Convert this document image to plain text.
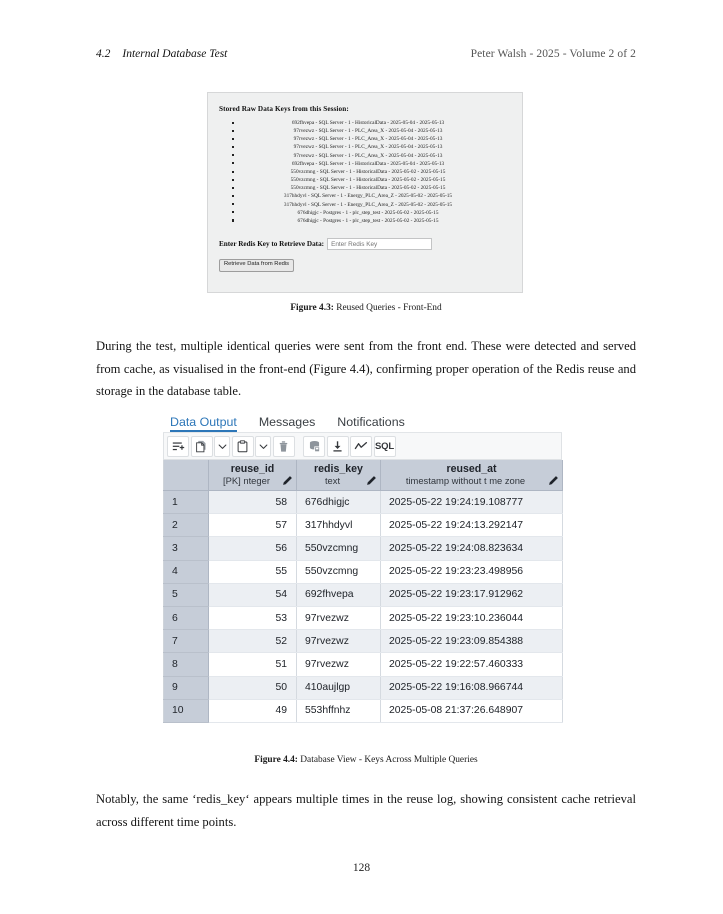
4.2 Internal Database Test	Peter Walsh - 2025 - Volume 2 of 2
Stored Raw Data Keys from this Session:
692fhvepa - SQL Server - 1 - HistoricalData - 2025-05-04 - 2025-05-13
97rvezwz - SQL Server - 1 - PLC_Area_X - 2025-05-04 - 2025-05-13
97rvezwz - SQL Server - 1 - PLC_Area_X - 2025-05-04 - 2025-05-13
97rvezwz - SQL Server - 1 - PLC_Area_X - 2025-05-04 - 2025-05-13
97rvezwz - SQL Server - 1 - PLC_Area_X - 2025-05-04 - 2025-05-13
692fhvepa - SQL Server - 1 - HistoricalData - 2025-05-04 - 2025-05-13
550vzcmng - SQL Server - 1 - HistoricalData - 2025-05-02 - 2025-05-15
550vzcmng - SQL Server - 1 - HistoricalData - 2025-05-02 - 2025-05-15
550vzcmng - SQL Server - 1 - HistoricalData - 2025-05-02 - 2025-05-15
317hhdyvl - SQL Server - 1 - Energy_PLC_Area_Z - 2025-05-02 - 2025-05-15
317hhdyvl - SQL Server - 1 - Energy_PLC_Area_Z - 2025-05-02 - 2025-05-15
676dhigjc - Postgres - 1 - plc_step_test - 2025-05-02 - 2025-05-15
676dhigjc - Postgres - 1 - plc_step_test - 2025-05-02 - 2025-05-15
Enter Redis Key to Retrieve Data:
Enter Redis Key
Retrieve Data from Redis
Figure 4.3: Reused Queries - Front-End
During the test, multiple identical queries were sent from the front end. These were detected and served from cache, as visualised in the front-end (Figure 4.4), confirming proper operation of the Redis reuse and storage in the database table.
Data Output Messages Notifications
SQL

reuse_id
[PK] nteger

redis_key
text

reused_at
timestamp without t me zone

1	58	676dhigjc	2025-05-22 19:24:19.108777
2	57	317hhdyvl	2025-05-22 19:24:13.292147
3	56	550vzcmng	2025-05-22 19:24:08.823634
4	55	550vzcmng	2025-05-22 19:23:23.498956
5	54	692fhvepa	2025-05-22 19:23:17.912962
6	53	97rvezwz	2025-05-22 19:23:10.236044
7	52	97rvezwz	2025-05-22 19:23:09.854388
8	51	97rvezwz	2025-05-22 19:22:57.460333
9	50	410aujlgp	2025-05-22 19:16:08.966744
10	49	553hffnhz	2025-05-08 21:37:26.648907
Figure 4.4: Database View - Keys Across Multiple Queries
Notably, the same ‘redis_key‘ appears multiple times in the reuse log, showing consistent cache retrieval across different time points.
128
